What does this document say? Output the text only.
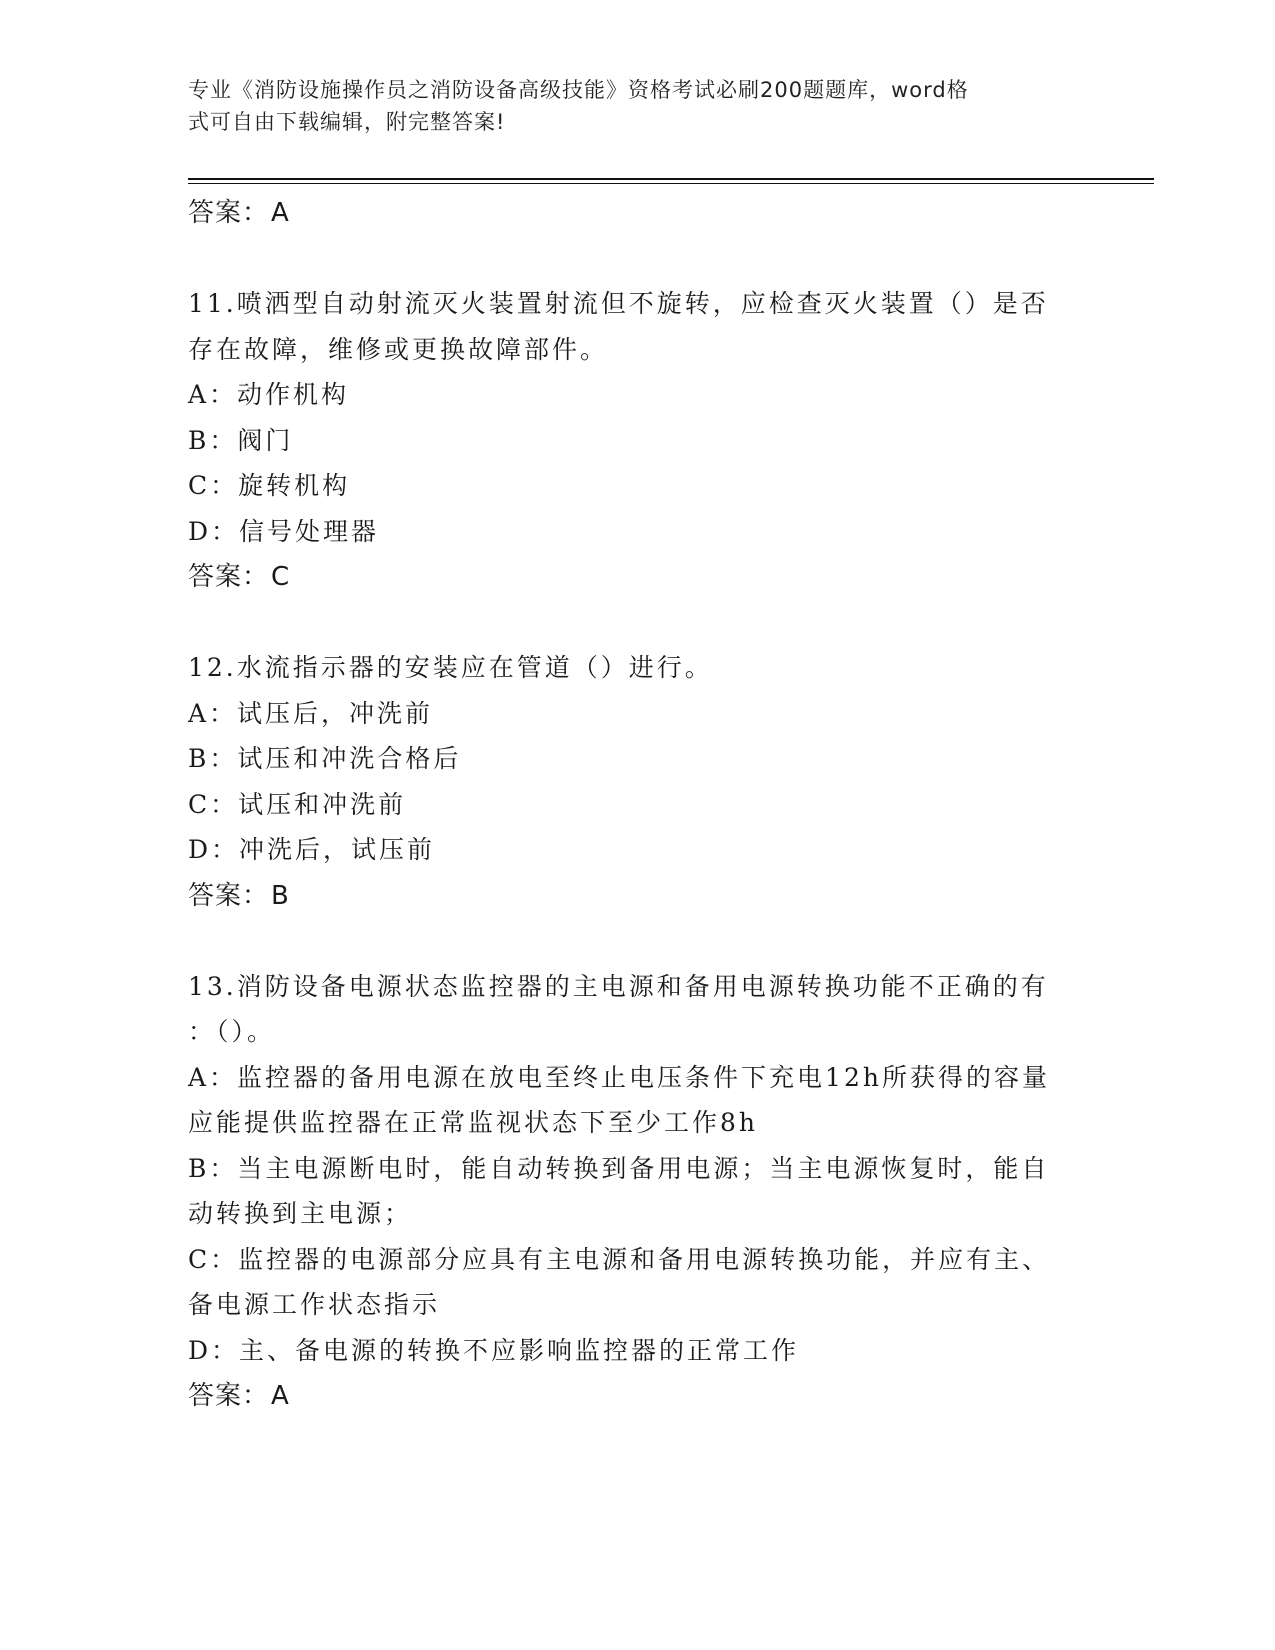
专业《消防设施操作员之消防设备高级技能》资格考试必刷200题题库，word格
式可自由下载编辑，附完整答案!
答案：A
11.喷洒型自动射流灭火装置射流但不旋转，应检查灭火装置（）是否
存在故障，维修或更换故障部件。
A：动作机构
B：阀门
C：旋转机构
D：信号处理器
答案：C
12.水流指示器的安装应在管道（）进行。
A：试压后，冲洗前
B：试压和冲洗合格后
C：试压和冲洗前
D：冲洗后，试压前
答案：B
13.消防设备电源状态监控器的主电源和备用电源转换功能不正确的有
：（）。
A：监控器的备用电源在放电至终止电压条件下充电12h所获得的容量
应能提供监控器在正常监视状态下至少工作8h
B：当主电源断电时，能自动转换到备用电源；当主电源恢复时，能自
动转换到主电源；
C：监控器的电源部分应具有主电源和备用电源转换功能，并应有主、
备电源工作状态指示
D：主、备电源的转换不应影响监控器的正常工作
答案：A
